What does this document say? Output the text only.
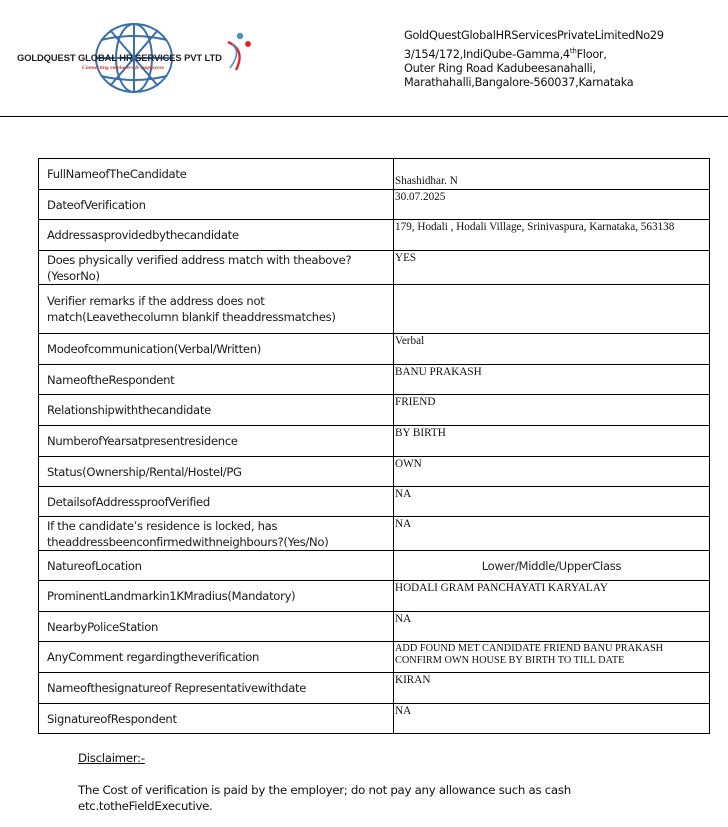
GOLDQUEST GLOBAL HR SERVICES PVT LTD
Connecting employers & employees
GoldQuestGlobalHRServicesPrivateLimitedNo29
3/154/172,IndiQube-Gamma,4thFloor,
Outer Ring Road Kadubeesanahalli,
Marathahalli,Bangalore-560037,Karnataka
FullNameofTheCandidate	Shashidhar. N
DateofVerification	30.07.2025
Addressasprovidedbythecandidate	179, Hodali , Hodali Village, Srinivaspura, Karnataka, 563138
Does physically verified address match with theabove? (YesorNo)	YES
Verifier remarks if the address does not match(Leavethecolumn blankif theaddressmatches)	
Modeofcommunication(Verbal/Written)	Verbal
NameoftheRespondent	BANU PRAKASH
Relationshipwiththecandidate	FRIEND
NumberofYearsatpresentresidence	BY BIRTH
Status(Ownership/Rental/Hostel/PG	OWN
DetailsofAddressproofVerified	NA
If the candidate’s residence is locked, has theaddressbeenconfirmedwithneighbours?(Yes/No)	NA
NatureofLocation	Lower/Middle/UpperClass
ProminentLandmarkin1KMradius(Mandatory)	HODALI GRAM PANCHAYATI KARYALAY
NearbyPoliceStation	NA
AnyComment regardingtheverification	ADD FOUND MET CANDIDATE FRIEND BANU PRAKASH CONFIRM OWN HOUSE BY BIRTH TO TILL DATE
Nameofthesignatureof Representativewithdate	KIRAN
SignatureofRespondent	NA
Disclaimer:-
The Cost of verification is paid by the employer; do not pay any allowance such as cash etc.totheFieldExecutive.
